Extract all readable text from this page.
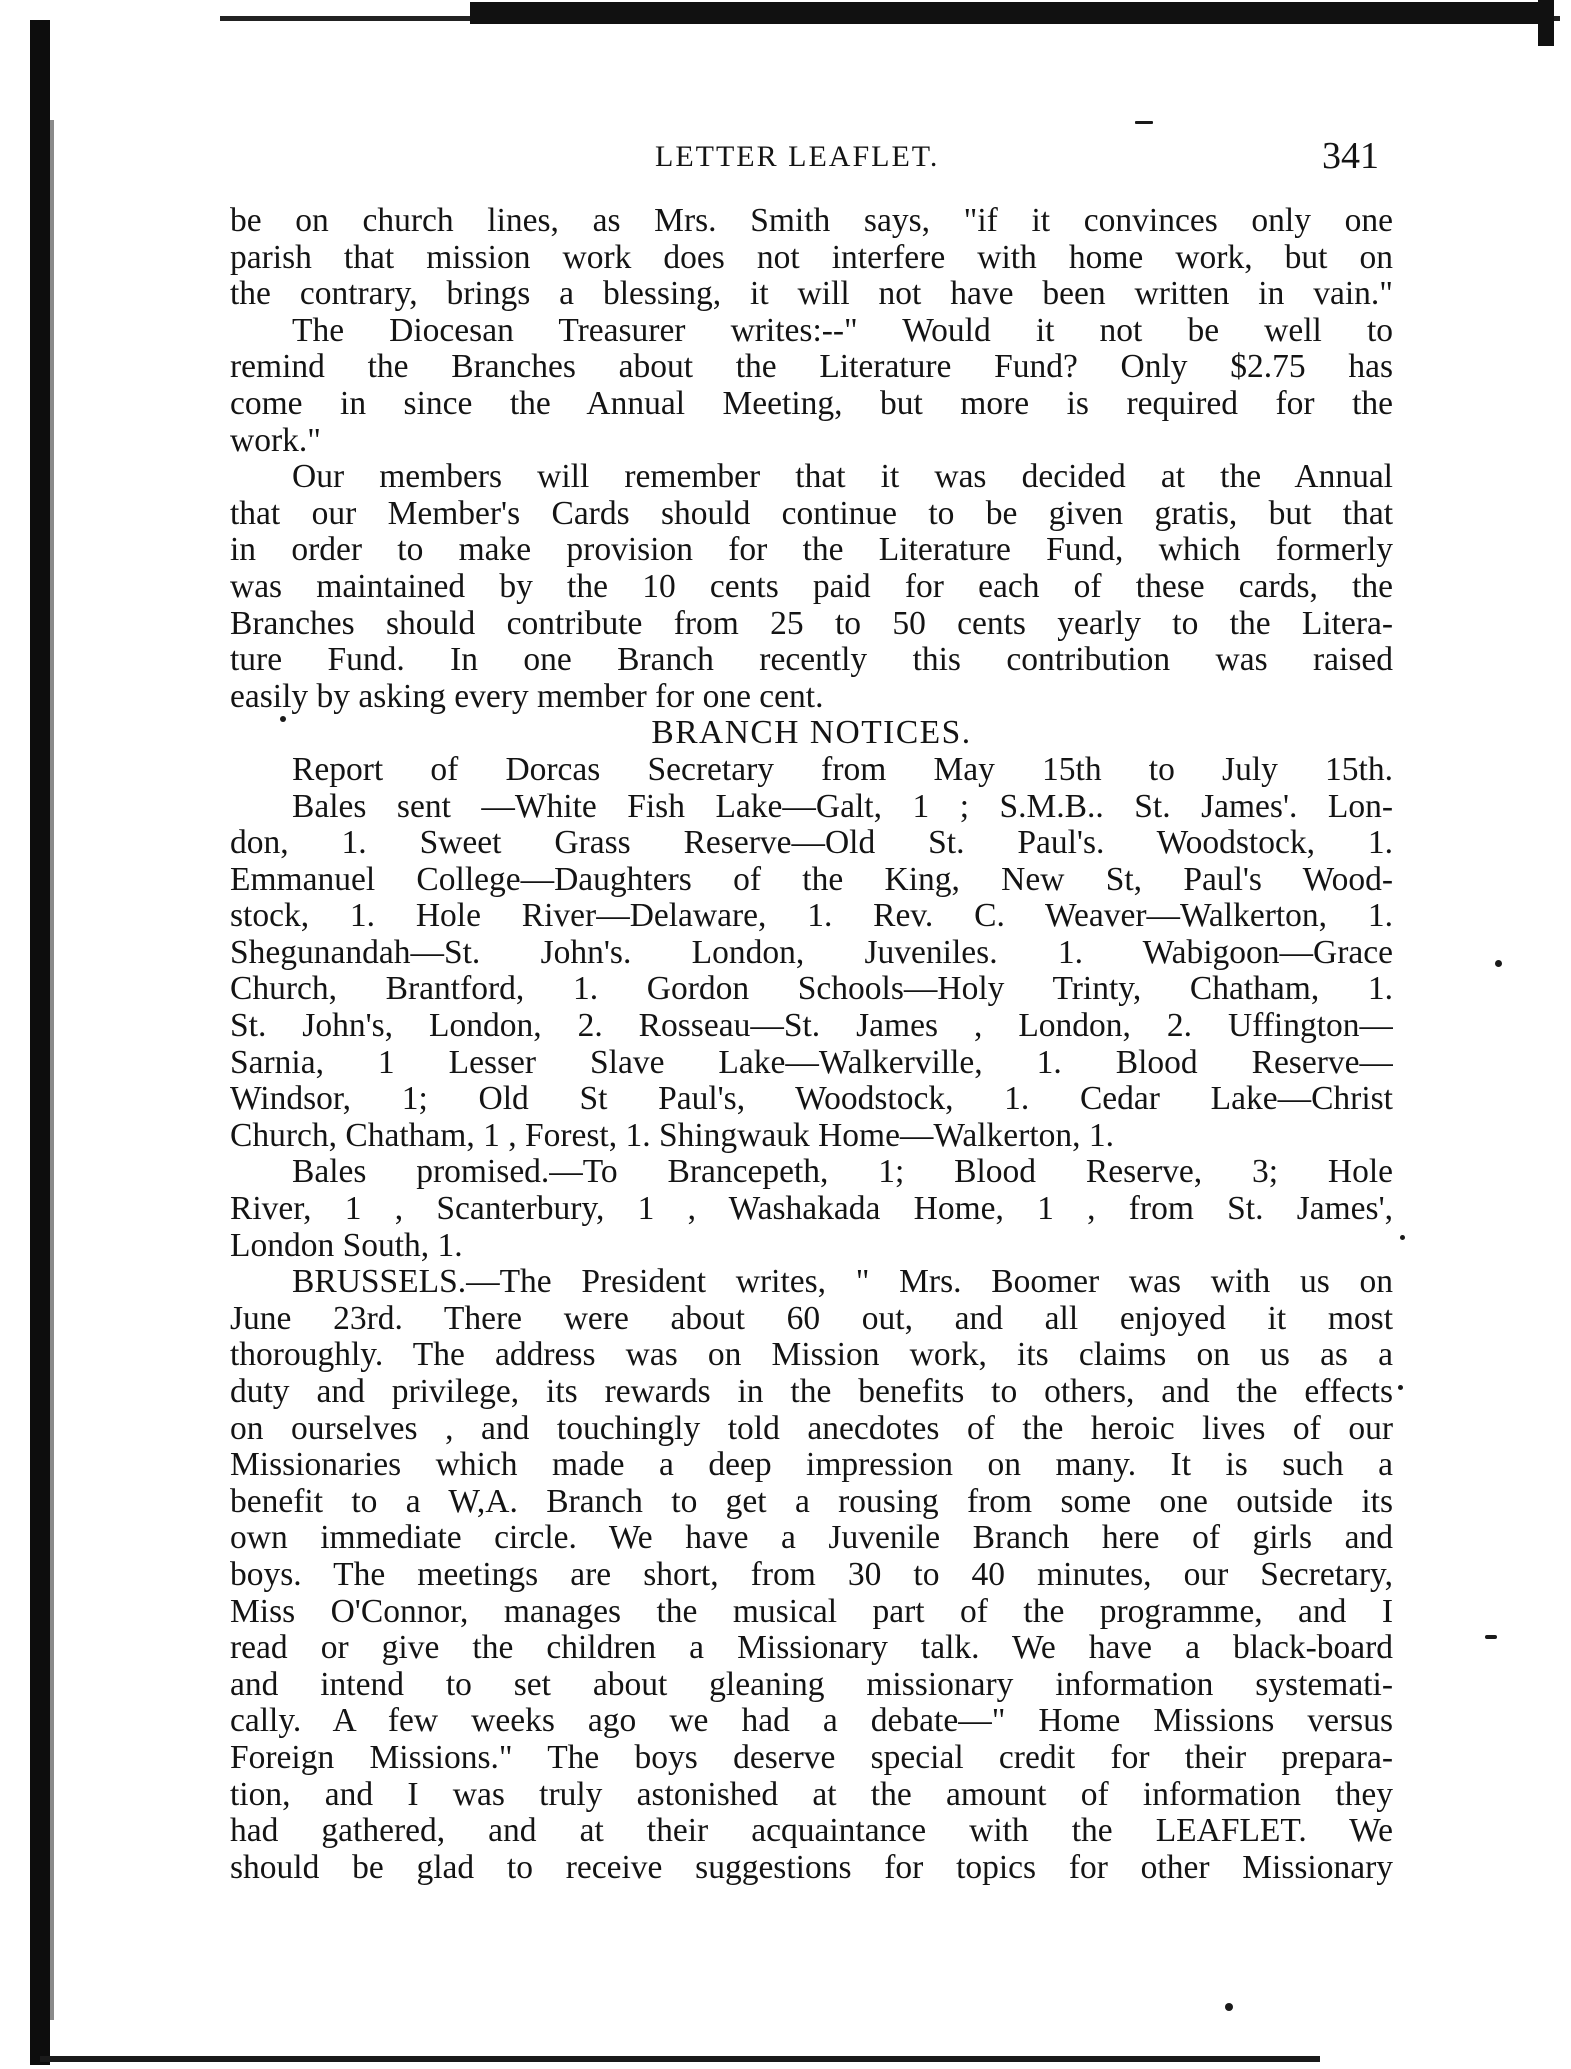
LETTER LEAFLET.	341
be on church lines, as Mrs. Smith says, "if it convinces only one
parish that mission work does not interfere with home work, but on
the contrary, brings a blessing, it will not have been written in vain."
The Diocesan Treasurer writes:--" Would it not be well to
remind the Branches about the Literature Fund? Only $2.75 has
come in since the Annual Meeting, but more is required for the
work."
Our members will remember that it was decided at the Annual
that our Member's Cards should continue to be given gratis, but that
in order to make provision for the Literature Fund, which formerly
was maintained by the 10 cents paid for each of these cards, the
Branches should contribute from 25 to 50 cents yearly to the Litera-
ture Fund. In one Branch recently this contribution was raised
easily by asking every member for one cent.
BRANCH NOTICES.
Report of Dorcas Secretary from May 15th to July 15th.
Bales sent —White Fish Lake—Galt, 1 ; S.M.B.. St. James'. Lon-
don, 1. Sweet Grass Reserve—Old St. Paul's. Woodstock, 1.
Emmanuel College—Daughters of the King, New St, Paul's Wood-
stock, 1. Hole River—Delaware, 1. Rev. C. Weaver—Walkerton, 1.
Shegunandah—St. John's. London, Juveniles. 1. Wabigoon—Grace
Church, Brantford, 1. Gordon Schools—Holy Trinty, Chatham, 1.
St. John's, London, 2. Rosseau—St. James , London, 2. Uffington—
Sarnia, 1 Lesser Slave Lake—Walkerville, 1. Blood Reserve—
Windsor, 1; Old St Paul's, Woodstock, 1. Cedar Lake—Christ
Church, Chatham, 1 , Forest, 1. Shingwauk Home—Walkerton, 1.
Bales promised.—To Brancepeth, 1; Blood Reserve, 3; Hole
River, 1 , Scanterbury, 1 , Washakada Home, 1 , from St. James',
London South, 1.
BRUSSELS.—The President writes, " Mrs. Boomer was with us on
June 23rd. There were about 60 out, and all enjoyed it most
thoroughly. The address was on Mission work, its claims on us as a
duty and privilege, its rewards in the benefits to others, and the effects
on ourselves , and touchingly told anecdotes of the heroic lives of our
Missionaries which made a deep impression on many. It is such a
benefit to a W,A. Branch to get a rousing from some one outside its
own immediate circle. We have a Juvenile Branch here of girls and
boys. The meetings are short, from 30 to 40 minutes, our Secretary,
Miss O'Connor, manages the musical part of the programme, and I
read or give the children a Missionary talk. We have a black-board
and intend to set about gleaning missionary information systemati-
cally. A few weeks ago we had a debate—" Home Missions versus
Foreign Missions." The boys deserve special credit for their prepara-
tion, and I was truly astonished at the amount of information they
had gathered, and at their acquaintance with the LEAFLET. We
should be glad to receive suggestions for topics for other Missionary
